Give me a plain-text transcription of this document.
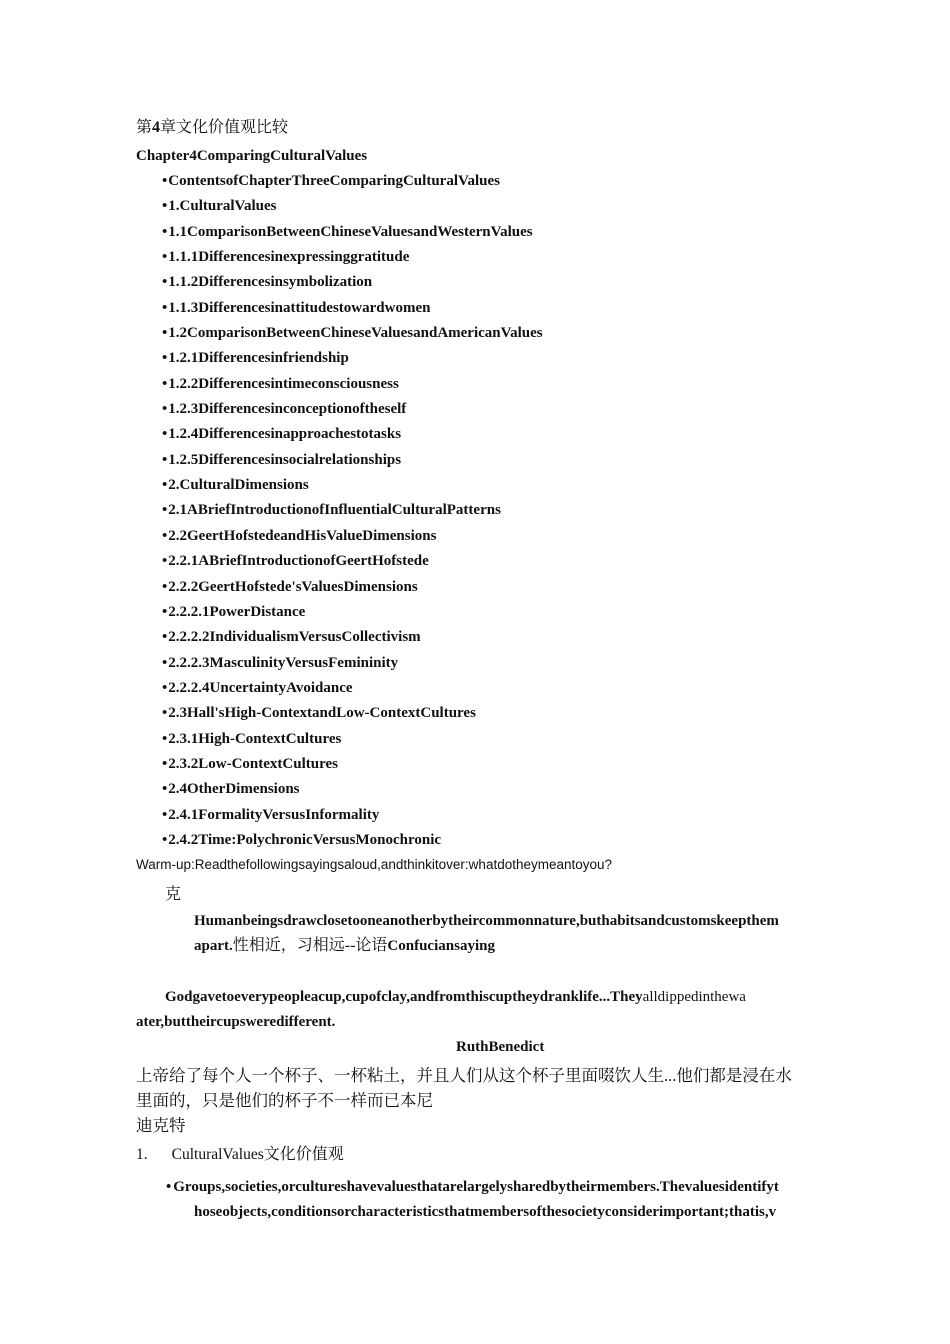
第4章文化价值观比较
Chapter4ComparingCulturalValues
•ContentsofChapterThreeComparingCulturalValues
•1.CulturalValues
•1.1ComparisonBetweenChineseValuesandWesternValues
•1.1.1Differencesinexpressinggratitude
•1.1.2Differencesinsymbolization
•1.1.3Differencesinattitudestowardwomen
•1.2ComparisonBetweenChineseValuesandAmericanValues
•1.2.1Differencesinfriendship
•1.2.2Differencesintimeconsciousness
•1.2.3Differencesinconceptionoftheself
•1.2.4Differencesinapproachestotasks
•1.2.5Differencesinsocialrelationships
•2.CulturalDimensions
•2.1ABriefIntroductionofInfluentialCulturalPatterns
•2.2GeertHofstedeandHisValueDimensions
•2.2.1ABriefIntroductionofGeertHofstede
•2.2.2GeertHofstede'sValuesDimensions
•2.2.2.1PowerDistance
•2.2.2.2IndividualismVersusCollectivism
•2.2.2.3MasculinityVersusFemininity
•2.2.2.4UncertaintyAvoidance
•2.3Hall'sHigh-ContextandLow-ContextCultures
•2.3.1High-ContextCultures
•2.3.2Low-ContextCultures
•2.4OtherDimensions
•2.4.1FormalityVersusInformality
•2.4.2Time:PolychronicVersusMonochronic
Warm-up:Readthefollowingsayingsaloud,andthinkitover:whatdotheymeantoyou?
克
Humanbeingsdrawclosetooneanotherbytheircommonnature,buthabitsandcustomskeepthem
apart.性相近，习相远--论语Confuciansaying
Godgavetoeverypeopleacup,cupofclay,andfromthiscuptheydranklife...Theyalldippedinthewa
ater,buttheircupsweredifferent.
RuthBenedict
上帝给了每个人一个杯子、一杯粘土，并且人们从这个杯子里面啜饮人生...他们都是浸在水
里面的，只是他们的杯子不一样而已本尼
迪克特
1. CulturalValues文化价值观
• Groups,societies,orcultureshavevaluesthatarelargelysharedbytheirmembers.Thevaluesidentifyt
hoseobjects,conditionsorcharacteristicsthatmembersofthesocietyconsiderimportant;thatis,v
